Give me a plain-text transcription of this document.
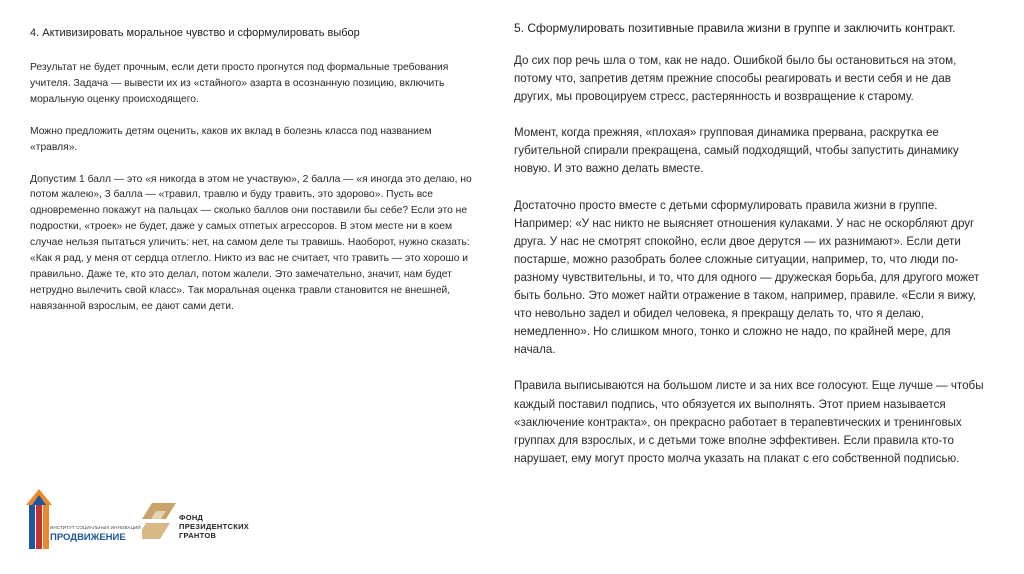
4. Активизировать моральное чувство и сформулировать выбор

Результат не будет прочным, если дети просто прогнутся под формальные требования учителя. Задача — вывести их из «стайного» азарта в осознанную позицию, включить моральную оценку происходящего.

Можно предложить детям оценить, каков их вклад в болезнь класса под названием «травля».

Допустим 1 балл — это «я никогда в этом не участвую», 2 балла — «я иногда это делаю, но потом жалею», 3 балла — «травил, травлю и буду травить, это здорово». Пусть все одновременно покажут на пальцах — сколько баллов они поставили бы себе? Если это не подростки, «троек» не будет, даже у самых отпетых агрессоров. В этом месте ни в коем случае нельзя пытаться уличить: нет, на самом деле ты травишь. Наоборот, нужно сказать: «Как я рад, у меня от сердца отлегло. Никто из вас не считает, что травить — это хорошо и правильно. Даже те, кто это делал, потом жалели. Это замечательно, значит, нам будет нетрудно вылечить свой класс». Так моральная оценка травли становится не внешней, навязанной взрослым, ее дают сами дети.

5. Сформулировать позитивные правила жизни в группе и заключить контракт.

До сих пор речь шла о том, как не надо. Ошибкой было бы остановиться на этом, потому что, запретив детям прежние способы реагировать и вести себя и не дав других, мы провоцируем стресс, растерянность и возвращение к старому.

Момент, когда прежняя, «плохая» групповая динамика прервана, раскрутка ее губительной спирали прекращена, самый подходящий, чтобы запустить динамику новую. И это важно делать вместе.

Достаточно просто вместе с детьми сформулировать правила жизни в группе. Например: «У нас никто не выясняет отношения кулаками. У нас не оскорбляют друг друга. У нас не смотрят спокойно, если двое дерутся — их разнимают». Если дети постарше, можно разобрать более сложные ситуации, например, то, что люди по-разному чувствительны, и то, что для одного — дружеская борьба, для другого может быть больно. Это может найти отражение в таком, например, правиле. «Если я вижу, что невольно задел и обидел человека, я прекращу делать то, что я делаю, немедленно». Но слишком много, тонко и сложно не надо, по крайней мере, для начала.

Правила выписываются на большом листе и за них все голосуют. Еще лучше — чтобы каждый поставил подпись, что обязуется их выполнять. Этот прием называется «заключение контракта», он прекрасно работает в терапевтических и тренинговых группах для взрослых, и с детьми тоже вполне эффективен. Если правила кто-то нарушает, ему могут просто молча указать на плакат с его собственной подписью.

ИНСТИТУТ СОЦИАЛЬНЫХ ИННОВАЦИЙ
ПРОДВИЖЕНИЕ
ФОНД
ПРЕЗИДЕНТСКИХ
ГРАНТОВ
